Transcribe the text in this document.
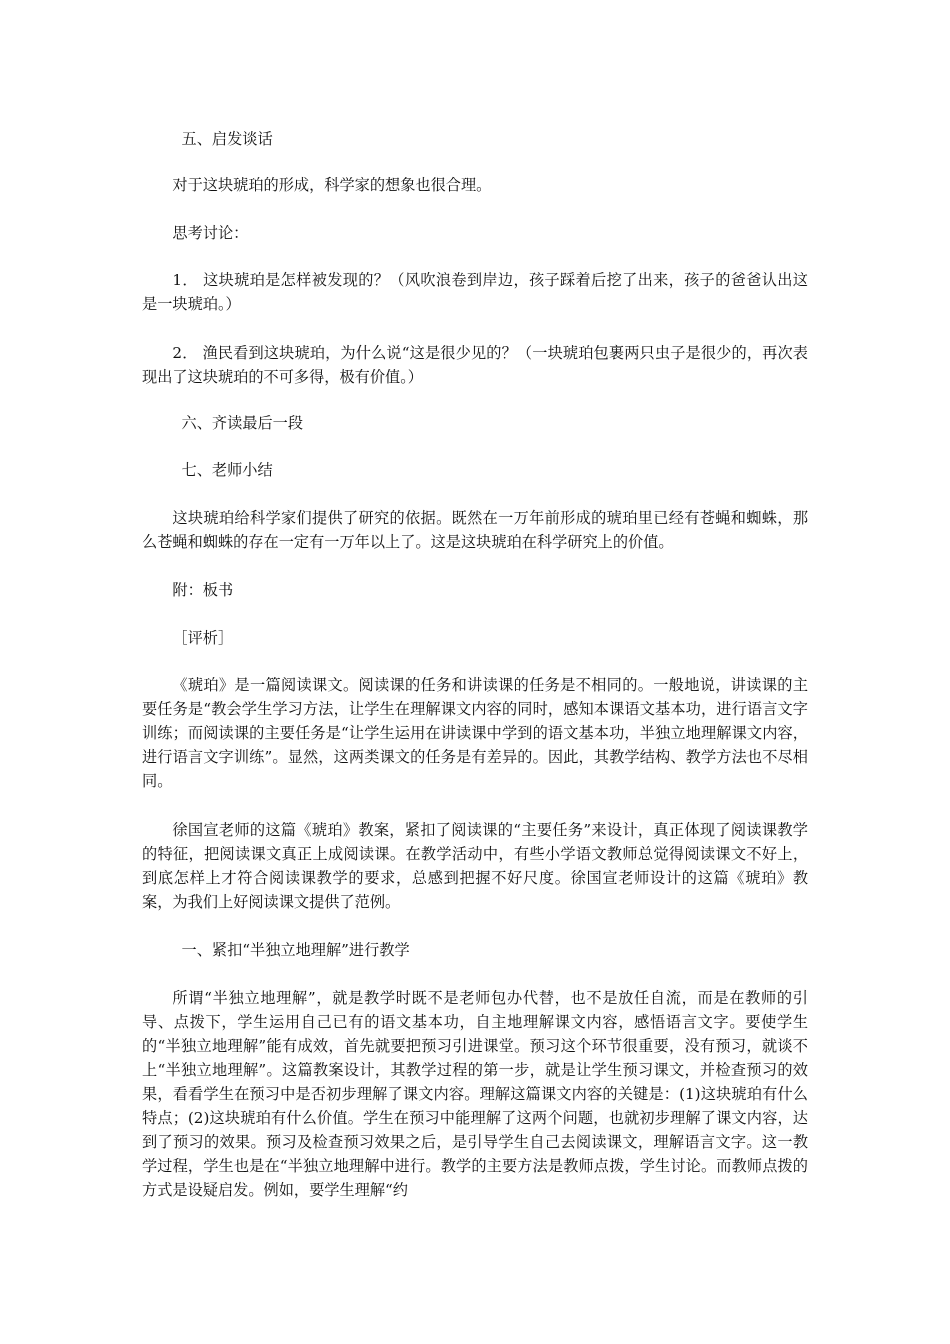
五、启发谈话

对于这块琥珀的形成，科学家的想象也很合理。

思考讨论：

1． 这块琥珀是怎样被发现的？（风吹浪卷到岸边，孩子踩着后挖了出来，孩子的爸爸认出这是一块琥珀。）

2． 渔民看到这块琥珀，为什么说“这是很少见的？（一块琥珀包裹两只虫子是很少的，再次表现出了这块琥珀的不可多得，极有价值。）

六、齐读最后一段

七、老师小结

这块琥珀给科学家们提供了研究的依据。既然在一万年前形成的琥珀里已经有苍蝇和蜘蛛，那么苍蝇和蜘蛛的存在一定有一万年以上了。这是这块琥珀在科学研究上的价值。

附：板书

［评析］

《琥珀》是一篇阅读课文。阅读课的任务和讲读课的任务是不相同的。一般地说，讲读课的主要任务是“教会学生学习方法，让学生在理解课文内容的同时，感知本课语文基本功，进行语言文字训练；而阅读课的主要任务是“让学生运用在讲读课中学到的语文基本功，半独立地理解课文内容，进行语言文字训练”。显然，这两类课文的任务是有差异的。因此，其教学结构、教学方法也不尽相同。

徐国宣老师的这篇《琥珀》教案，紧扣了阅读课的“主要任务”来设计，真正体现了阅读课教学的特征，把阅读课文真正上成阅读课。在教学活动中，有些小学语文教师总觉得阅读课文不好上，到底怎样上才符合阅读课教学的要求，总感到把握不好尺度。徐国宣老师设计的这篇《琥珀》教案，为我们上好阅读课文提供了范例。

一、紧扣“半独立地理解”进行教学

所谓“半独立地理解”，就是教学时既不是老师包办代替，也不是放任自流，而是在教师的引导、点拨下，学生运用自己已有的语文基本功，自主地理解课文内容，感悟语言文字。要使学生的“半独立地理解”能有成效，首先就要把预习引进课堂。预习这个环节很重要，没有预习，就谈不上“半独立地理解”。这篇教案设计，其教学过程的第一步，就是让学生预习课文，并检查预习的效果，看看学生在预习中是否初步理解了课文内容。理解这篇课文内容的关键是：(1)这块琥珀有什么特点；(2)这块琥珀有什么价值。学生在预习中能理解了这两个问题，也就初步理解了课文内容，达到了预习的效果。预习及检查预习效果之后，是引导学生自己去阅读课文，理解语言文字。这一教学过程，学生也是在“半独立地理解中进行。教学的主要方法是教师点拨，学生讨论。而教师点拨的方式是设疑启发。例如，要学生理解“约
